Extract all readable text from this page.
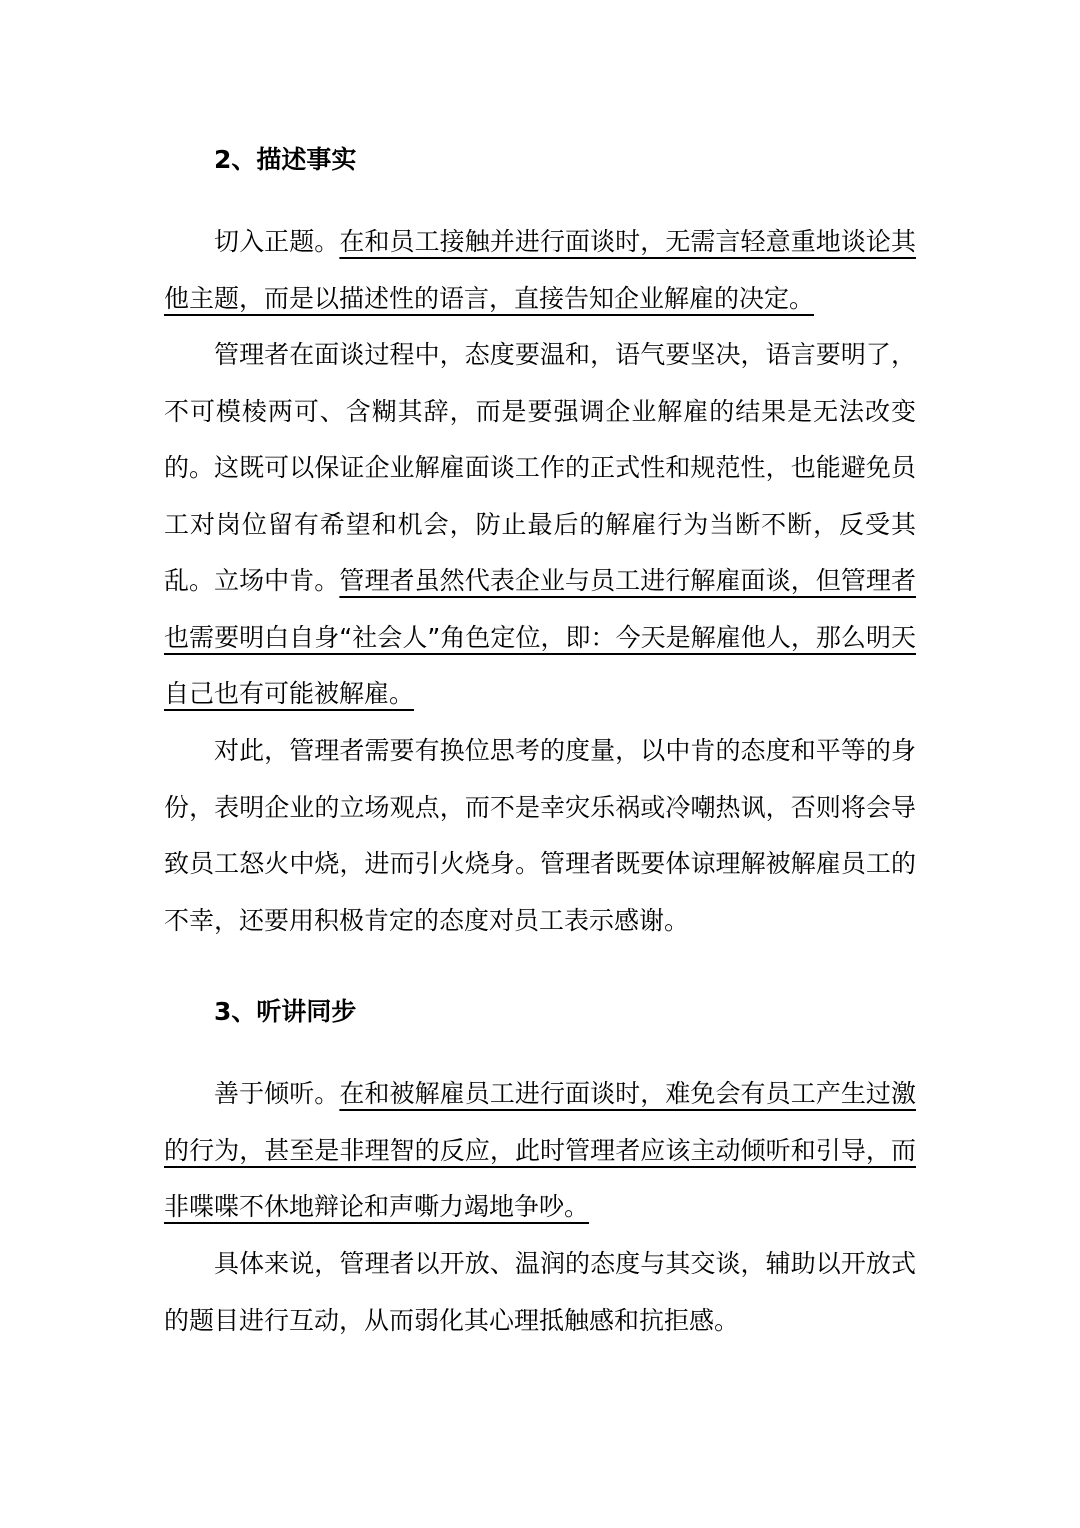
2、描述事实

切入正题。在和员工接触并进行面谈时，无需言轻意重地谈论其他主题，而是以描述性的语言，直接告知企业解雇的决定。

管理者在面谈过程中，态度要温和，语气要坚决，语言要明了，不可模棱两可、含糊其辞，而是要强调企业解雇的结果是无法改变的。 这既可以保证企业解雇面谈工作的正式性和规范性，也能避免员工对岗位留有希望和机会，防止最后的解雇行为当断不断，反受其乱。 立场中肯。管理者虽然代表企业与员工进行解雇面谈，但管理者也需要明白自身“社会人”角色定位，即：今天是解雇他人，那么明天自己也有可能被解雇。

对此，管理者需要有换位思考的度量，以中肯的态度和平等的身份，表明企业的立场观点，而不是幸灾乐祸或冷嘲热讽，否则将会导致员工怒火中烧，进而引火烧身。管理者既要体谅理解被解雇员工的不幸，还要用积极肯定的态度对员工表示感谢。

3、听讲同步

善于倾听。在和被解雇员工进行面谈时，难免会有员工产生过激的行为，甚至是非理智的反应，此时管理者应该主动倾听和引导，而非喋喋不休地辩论和声嘶力竭地争吵。

具体来说，管理者以开放、温润的态度与其交谈，辅助以开放式的题目进行互动，从而弱化其心理抵触感和抗拒感。
